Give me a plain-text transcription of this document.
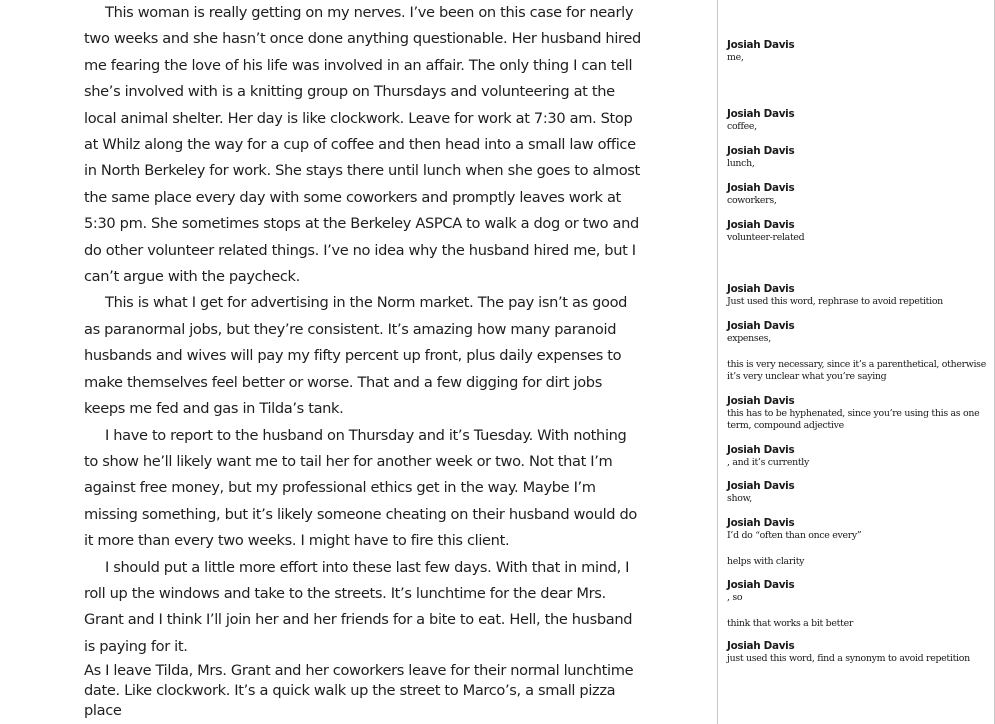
This woman is really getting on my nerves. I’ve been on this case for nearly two weeks and she hasn’t once done anything questionable. Her husband hired me fearing the love of his life was involved in an affair. The only thing I can tell she’s involved with is a knitting group on Thursdays and volunteering at the local animal shelter. Her day is like clockwork. Leave for work at 7:30 am. Stop at Whilz along the way for a cup of coffee and then head into a small law office in North Berkeley for work. She stays there until lunch when she goes to almost the same place every day with some coworkers and promptly leaves work at 5:30 pm. She sometimes stops at the Berkeley ASPCA to walk a dog or two and do other volunteer related things. I’ve no idea why the husband hired me, but I can’t argue with the paycheck.

This is what I get for advertising in the Norm market. The pay isn’t as good as paranormal jobs, but they’re consistent. It’s amazing how many paranoid husbands and wives will pay my fifty percent up front, plus daily expenses to make themselves feel better or worse. That and a few digging for dirt jobs keeps me fed and gas in Tilda’s tank.

I have to report to the husband on Thursday and it’s Tuesday. With nothing to show he’ll likely want me to tail her for another week or two. Not that I’m against free money, but my professional ethics get in the way. Maybe I’m missing something, but it’s likely someone cheating on their husband would do it more than every two weeks. I might have to fire this client.

I should put a little more effort into these last few days. With that in mind, I roll up the windows and take to the streets. It’s lunchtime for the dear Mrs. Grant and I think I’ll join her and her friends for a bite to eat. Hell, the husband is paying for it.

As I leave Tilda, Mrs. Grant and her coworkers leave for their normal lunchtime date. Like clockwork. It’s a quick walk up the street to Marco’s, a small pizza place

Josiah Davis
me,
Josiah Davis
coffee,
Josiah Davis
lunch,
Josiah Davis
coworkers,
Josiah Davis
volunteer-related
Josiah Davis
Just used this word, rephrase to avoid repetition
Josiah Davis
expenses,
this is very necessary, since it’s a parenthetical, otherwise it’s very unclear what you’re saying
Josiah Davis
this has to be hyphenated, since you’re using this as one term, compound adjective
Josiah Davis
, and it’s currently
Josiah Davis
show,
Josiah Davis
I’d do “often than once every”
helps with clarity
Josiah Davis
, so
think that works a bit better
Josiah Davis
just used this word, find a synonym to avoid repetition
